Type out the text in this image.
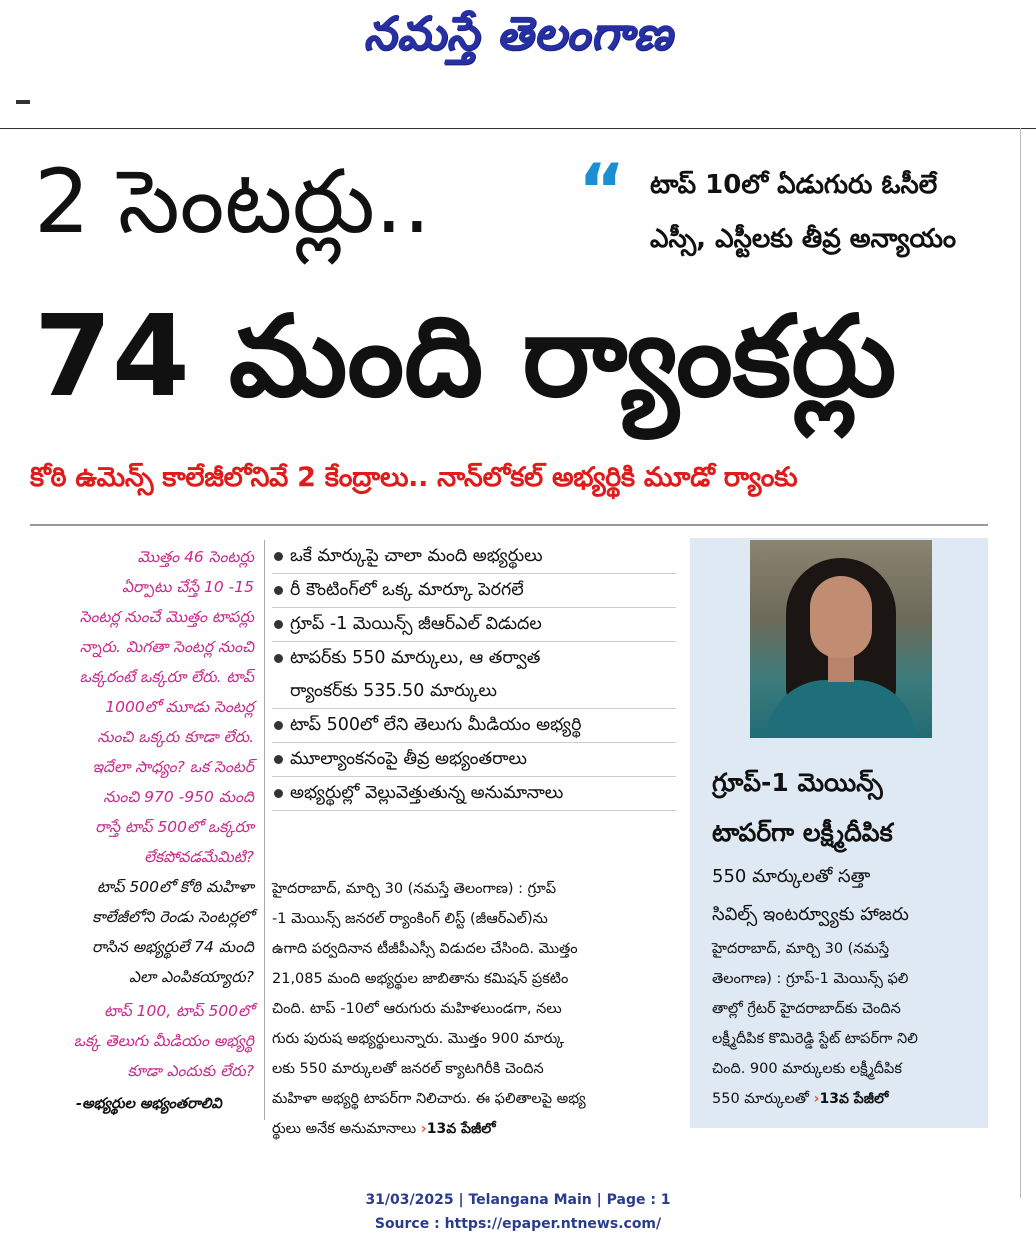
నమస్తే తెలంగాణ
2 సెంటర్లు.. “ టాప్ 10లో ఏడుగురు ఓసీలే
ఎస్సీ, ఎస్టీలకు తీవ్ర అన్యాయం
74 మంది ర్యాంకర్లు
కోఠి ఉమెన్స్ కాలేజీలోనివే 2 కేంద్రాలు.. నాన్‌లోకల్ అభ్యర్థికి మూడో ర్యాంకు

మొత్తం 46 సెంటర్లు

ఏర్పాటు చేస్తే 10 -15

సెంటర్ల నుంచే మొత్తం టాపర్లు

న్నారు. మిగతా సెంటర్ల నుంచి

ఒక్కరంటే ఒక్కరూ లేరు. టాప్

1000లో మూడు సెంటర్ల

నుంచి ఒక్కరు కూడా లేరు.

ఇదేలా సాధ్యం? ఒక సెంటర్

నుంచి 970 -950 మంది

రాస్తే టాప్ 500లో ఒక్కరూ

లేకపోవడమేమిటి?

టాప్ 500లో కోఠి మహిళా

కాలేజీలోని రెండు సెంటర్లలో

రాసిన అభ్యర్థులే 74 మంది

ఎలా ఎంపికయ్యారు?

టాప్ 100, టాప్ 500లో

ఒక్క తెలుగు మీడియం అభ్యర్థి

కూడా ఎందుకు లేరు?

-అభ్యర్థుల అభ్యంతరాలివి
ఒకే మార్కుపై చాలా మంది అభ్యర్థులు
రీ కౌంటింగ్‌లో ఒక్క మార్కూ పెరగలే
గ్రూప్ -1 మెయిన్స్ జీఆర్‌ఎల్ విడుదల
టాపర్‌కు 550 మార్కులు, ఆ తర్వాత
ర్యాంకర్‌కు 535.50 మార్కులు
టాప్ 500లో లేని తెలుగు మీడియం అభ్యర్థి
మూల్యాంకనంపై తీవ్ర అభ్యంతరాలు
అభ్యర్థుల్లో వెల్లువెత్తుతున్న అనుమానాలు

హైదరాబాద్, మార్చి 30 (నమస్తే తెలంగాణ) : గ్రూప్

-1 మెయిన్స్ జనరల్ ర్యాంకింగ్ లిస్ట్ (జీఆర్‌ఎల్)ను

ఉగాది పర్వదినాన టీజీపీఎస్సీ విడుదల చేసింది. మొత్తం

21,085 మంది అభ్యర్థుల జాబితాను కమిషన్ ప్రకటిం

చింది. టాప్ -10లో ఆరుగురు మహిళలుండగా, నలు

గురు పురుష అభ్యర్థులున్నారు. మొత్తం 900 మార్కు

లకు 550 మార్కులతో జనరల్ క్యాటగిరీకి చెందిన

మహిళా అభ్యర్థి టాపర్‌గా నిలిచారు. ఈ ఫలితాలపై అభ్య

ర్థులు అనేక అనుమానాలు ›13వ పేజీలో

గ్రూప్-1 మెయిన్స్
టాపర్‌గా లక్ష్మీదీపిక
550 మార్కులతో సత్తా
సివిల్స్ ఇంటర్వ్యూకు హాజరు

హైదరాబాద్, మార్చి 30 (నమస్తే

తెలంగాణ) : గ్రూప్-1 మెయిన్స్ ఫలి

తాల్లో గ్రేటర్ హైదరాబాద్‌కు చెందిన

లక్ష్మీదీపిక కొమిరెడ్డి స్టేట్ టాపర్‌గా నిలి

చింది. 900 మార్కులకు లక్ష్మీదీపిక

550 మార్కులతో ›13వ పేజీలో

31/03/2025 | Telangana Main | Page : 1
Source : https://epaper.ntnews.com/
